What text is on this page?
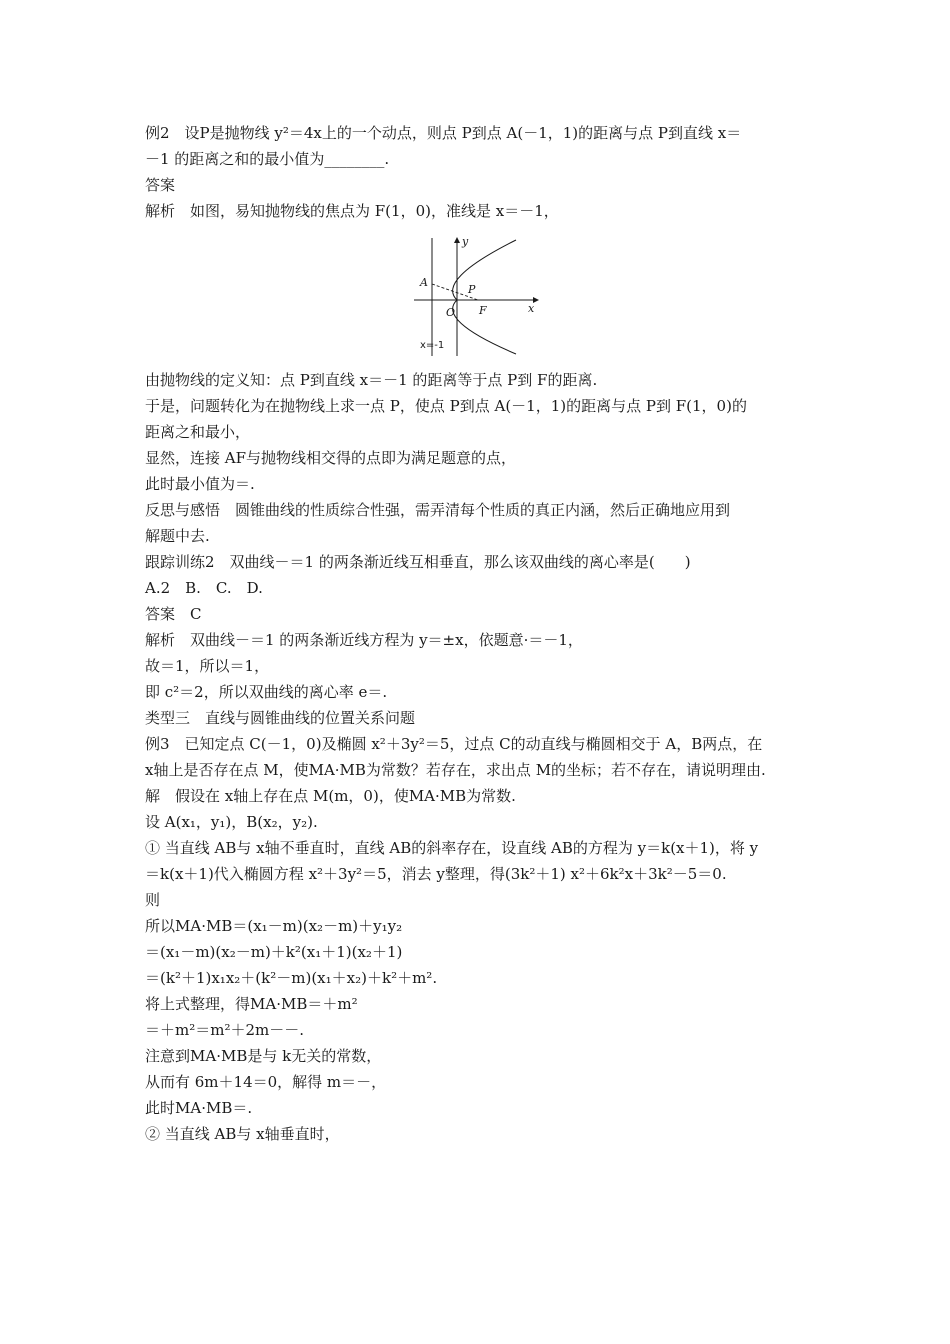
例2　设P是抛物线 y²＝4x上的一个动点，则点 P到点 A(－1，1)的距离与点 P到直线 x＝
－1 的距离之和的最小值为________.
答案
解析　如图，易知抛物线的焦点为 F(1，0)，准线是 x＝－1，
y
x
A
P
O F
x=-1
由抛物线的定义知：点 P到直线 x＝－1 的距离等于点 P到 F的距离.
于是，问题转化为在抛物线上求一点 P，使点 P到点 A(－1，1)的距离与点 P到 F(1，0)的
距离之和最小，
显然，连接 AF与抛物线相交得的点即为满足题意的点，
此时最小值为＝.
反思与感悟　圆锥曲线的性质综合性强，需弄清每个性质的真正内涵，然后正确地应用到
解题中去.
跟踪训练2　双曲线－＝1 的两条渐近线互相垂直，那么该双曲线的离心率是(　　)
A.2　B.　C.　D.
答案　C
解析　双曲线－＝1 的两条渐近线方程为 y＝±x，依题意·＝－1，
故＝1，所以＝1，
即 c²＝2，所以双曲线的离心率 e＝.
类型三　直线与圆锥曲线的位置关系问题
例3　已知定点 C(－1，0)及椭圆 x²＋3y²＝5，过点 C的动直线与椭圆相交于 A，B两点，在
x轴上是否存在点 M，使MA·MB为常数？若存在，求出点 M的坐标；若不存在，请说明理由.
解　假设在 x轴上存在点 M(m，0)，使MA·MB为常数.
设 A(x₁，y₁)，B(x₂，y₂).
① 当直线 AB与 x轴不垂直时，直线 AB的斜率存在，设直线 AB的方程为 y＝k(x＋1)，将 y
＝k(x＋1)代入椭圆方程 x²＋3y²＝5，消去 y整理，得(3k²＋1) x²＋6k²x＋3k²－5＝0.
则
所以MA·MB＝(x₁－m)(x₂－m)＋y₁y₂
＝(x₁－m)(x₂－m)＋k²(x₁＋1)(x₂＋1)
＝(k²＋1)x₁x₂＋(k²－m)(x₁＋x₂)＋k²＋m².
将上式整理，得MA·MB＝＋m²
＝＋m²＝m²＋2m－－.
注意到MA·MB是与 k无关的常数，
从而有 6m＋14＝0，解得 m＝－，
此时MA·MB＝.
② 当直线 AB与 x轴垂直时，
